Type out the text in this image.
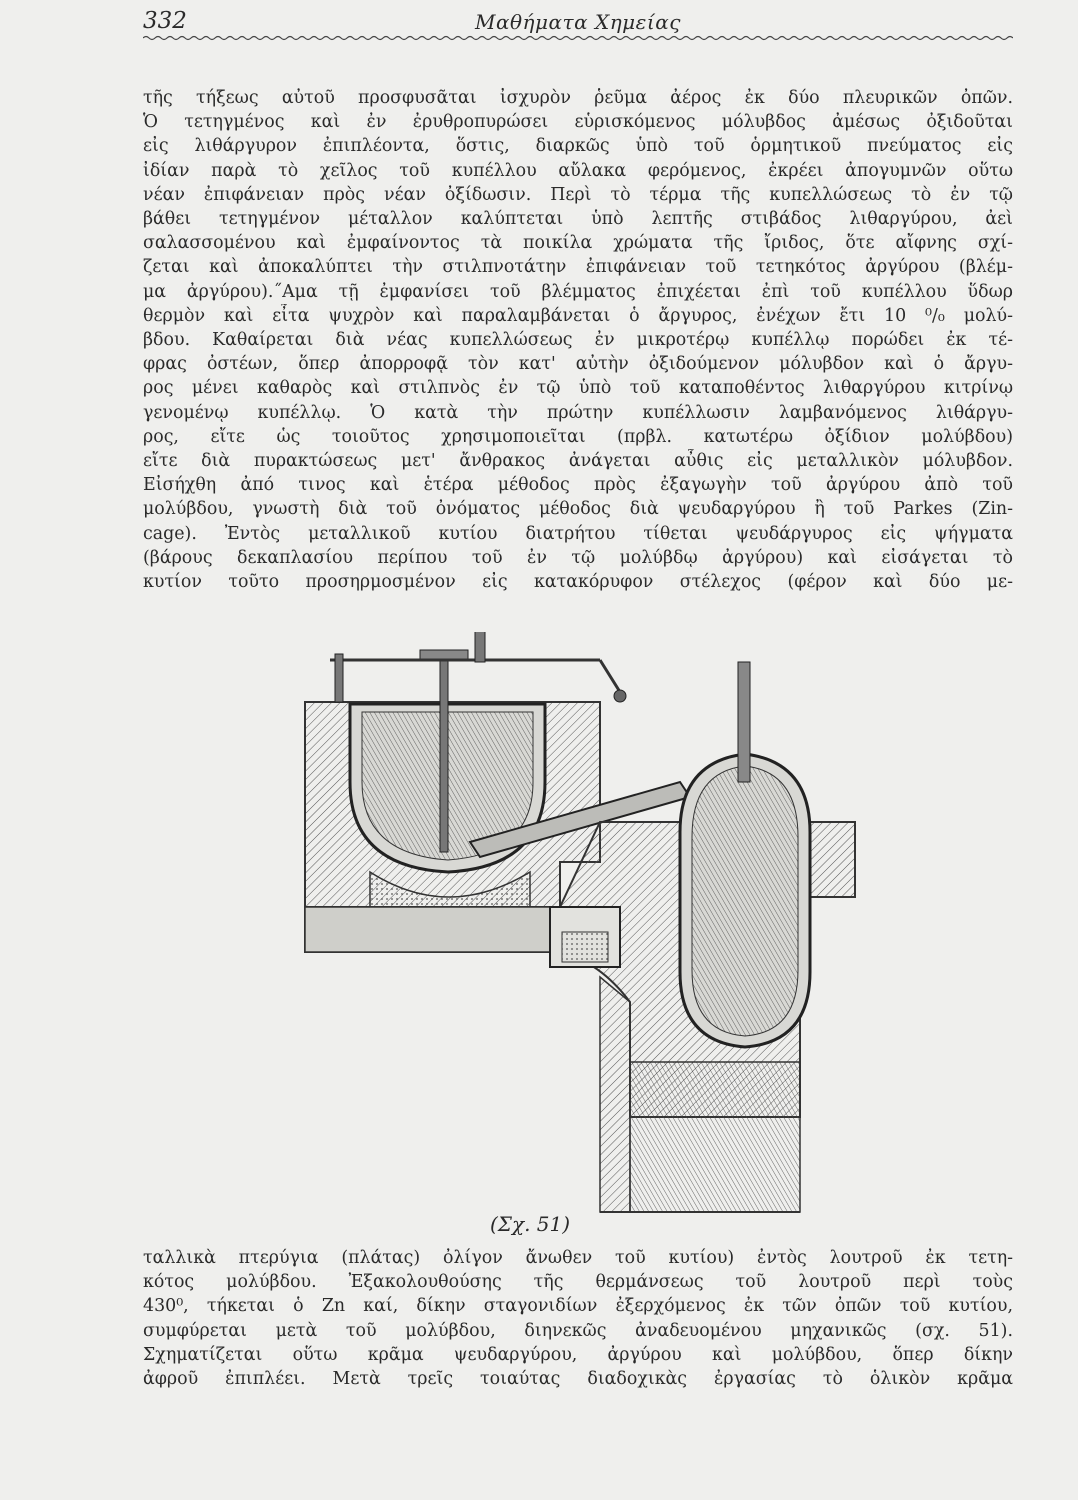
332	Μαθήματα Χημείας
τῆς τήξεως αὐτοῦ προσφυσᾶται ἰσχυρὸν ῥεῦμα ἀέρος ἐκ δύο πλευρικῶν ὀπῶν.
Ὁ τετηγμένος καὶ ἐν ἐρυθροπυρώσει εὑρισκόμενος μόλυβδος ἀμέσως ὀξιδοῦται
εἰς λιθάργυρον ἐπιπλέοντα, ὅστις, διαρκῶς ὑπὸ τοῦ ὁρμητικοῦ πνεύματος εἰς
ἰδίαν παρὰ τὸ χεῖλος τοῦ κυπέλλου αὔλακα φερόμενος, ἐκρέει ἀπογυμνῶν οὕτω
νέαν ἐπιφάνειαν πρὸς νέαν ὀξίδωσιν. Περὶ τὸ τέρμα τῆς κυπελλώσεως τὸ ἐν τῷ
βάθει τετηγμένον μέταλλον καλύπτεται ὑπὸ λεπτῆς στιβάδος λιθαργύρου, ἀεὶ
σαλασσομένου καὶ ἐμφαίνοντος τὰ ποικίλα χρώματα τῆς ἴριδος, ὅτε αἴφνης σχί-
ζεται καὶ ἀποκαλύπτει τὴν στιλπνοτάτην ἐπιφάνειαν τοῦ τετηκότος ἀργύρου (βλέμ-
μα ἀργύρου).˝Αμα τῇ ἐμφανίσει τοῦ βλέμματος ἐπιχέεται ἐπὶ τοῦ κυπέλλου ὕδωρ
θερμὸν καὶ εἶτα ψυχρὸν καὶ παραλαμβάνεται ὁ ἄργυρος, ἐνέχων ἔτι 10 ⁰/₀ μολύ-
βδου. Καθαίρεται διὰ νέας κυπελλώσεως ἐν μικροτέρῳ κυπέλλῳ πορώδει ἐκ τέ-
φρας ὀστέων, ὅπερ ἀπορροφᾷ τὸν κατ' αὐτὴν ὀξιδούμενον μόλυβδον καὶ ὁ ἄργυ-
ρος μένει καθαρὸς καὶ στιλπνὸς ἐν τῷ ὑπὸ τοῦ καταποθέντος λιθαργύρου κιτρίνῳ
γενομένῳ κυπέλλῳ. Ὁ κατὰ τὴν πρώτην κυπέλλωσιν λαμβανόμενος λιθάργυ-
ρος, εἴτε ὡς τοιοῦτος χρησιμοποιεῖται (πρβλ. κατωτέρω ὀξίδιον μολύβδου)
εἴτε διὰ πυρακτώσεως μετ' ἄνθρακος ἀνάγεται αὖθις εἰς μεταλλικὸν μόλυβδον.
Εἰσήχθη ἀπό τινος καὶ ἑτέρα μέθοδος πρὸς ἐξαγωγὴν τοῦ ἀργύρου ἀπὸ τοῦ
μολύβδου, γνωστὴ διὰ τοῦ ὀνόματος μέθοδος διὰ ψευδαργύρου ἢ τοῦ Parkes (Zin-
cage). Ἐντὸς μεταλλικοῦ κυτίου διατρήτου τίθεται ψευδάργυρος εἰς ψήγματα
(βάρους δεκαπλασίου περίπου τοῦ ἐν τῷ μολύβδῳ ἀργύρου) καὶ εἰσάγεται τὸ
κυτίον τοῦτο προσηρμοσμένον εἰς κατακόρυφον στέλεχος (φέρον καὶ δύο με-
(Σχ. 51)
ταλλικὰ πτερύγια (πλάτας) ὀλίγον ἄνωθεν τοῦ κυτίου) ἐντὸς λουτροῦ ἐκ τετη-
κότος μολύβδου. Ἐξακολουθούσης τῆς θερμάνσεως τοῦ λουτροῦ περὶ τοὺς
430⁰, τήκεται ὁ Zn καί, δίκην σταγονιδίων ἐξερχόμενος ἐκ τῶν ὀπῶν τοῦ κυτίου,
συμφύρεται μετὰ τοῦ μολύβδου, διηνεκῶς ἀναδευομένου μηχανικῶς (σχ. 51).
Σχηματίζεται οὕτω κρᾶμα ψευδαργύρου, ἀργύρου καὶ μολύβδου, ὅπερ δίκην
ἀφροῦ ἐπιπλέει. Μετὰ τρεῖς τοιαύτας διαδοχικὰς ἐργασίας τὸ ὁλικὸν κρᾶμα
